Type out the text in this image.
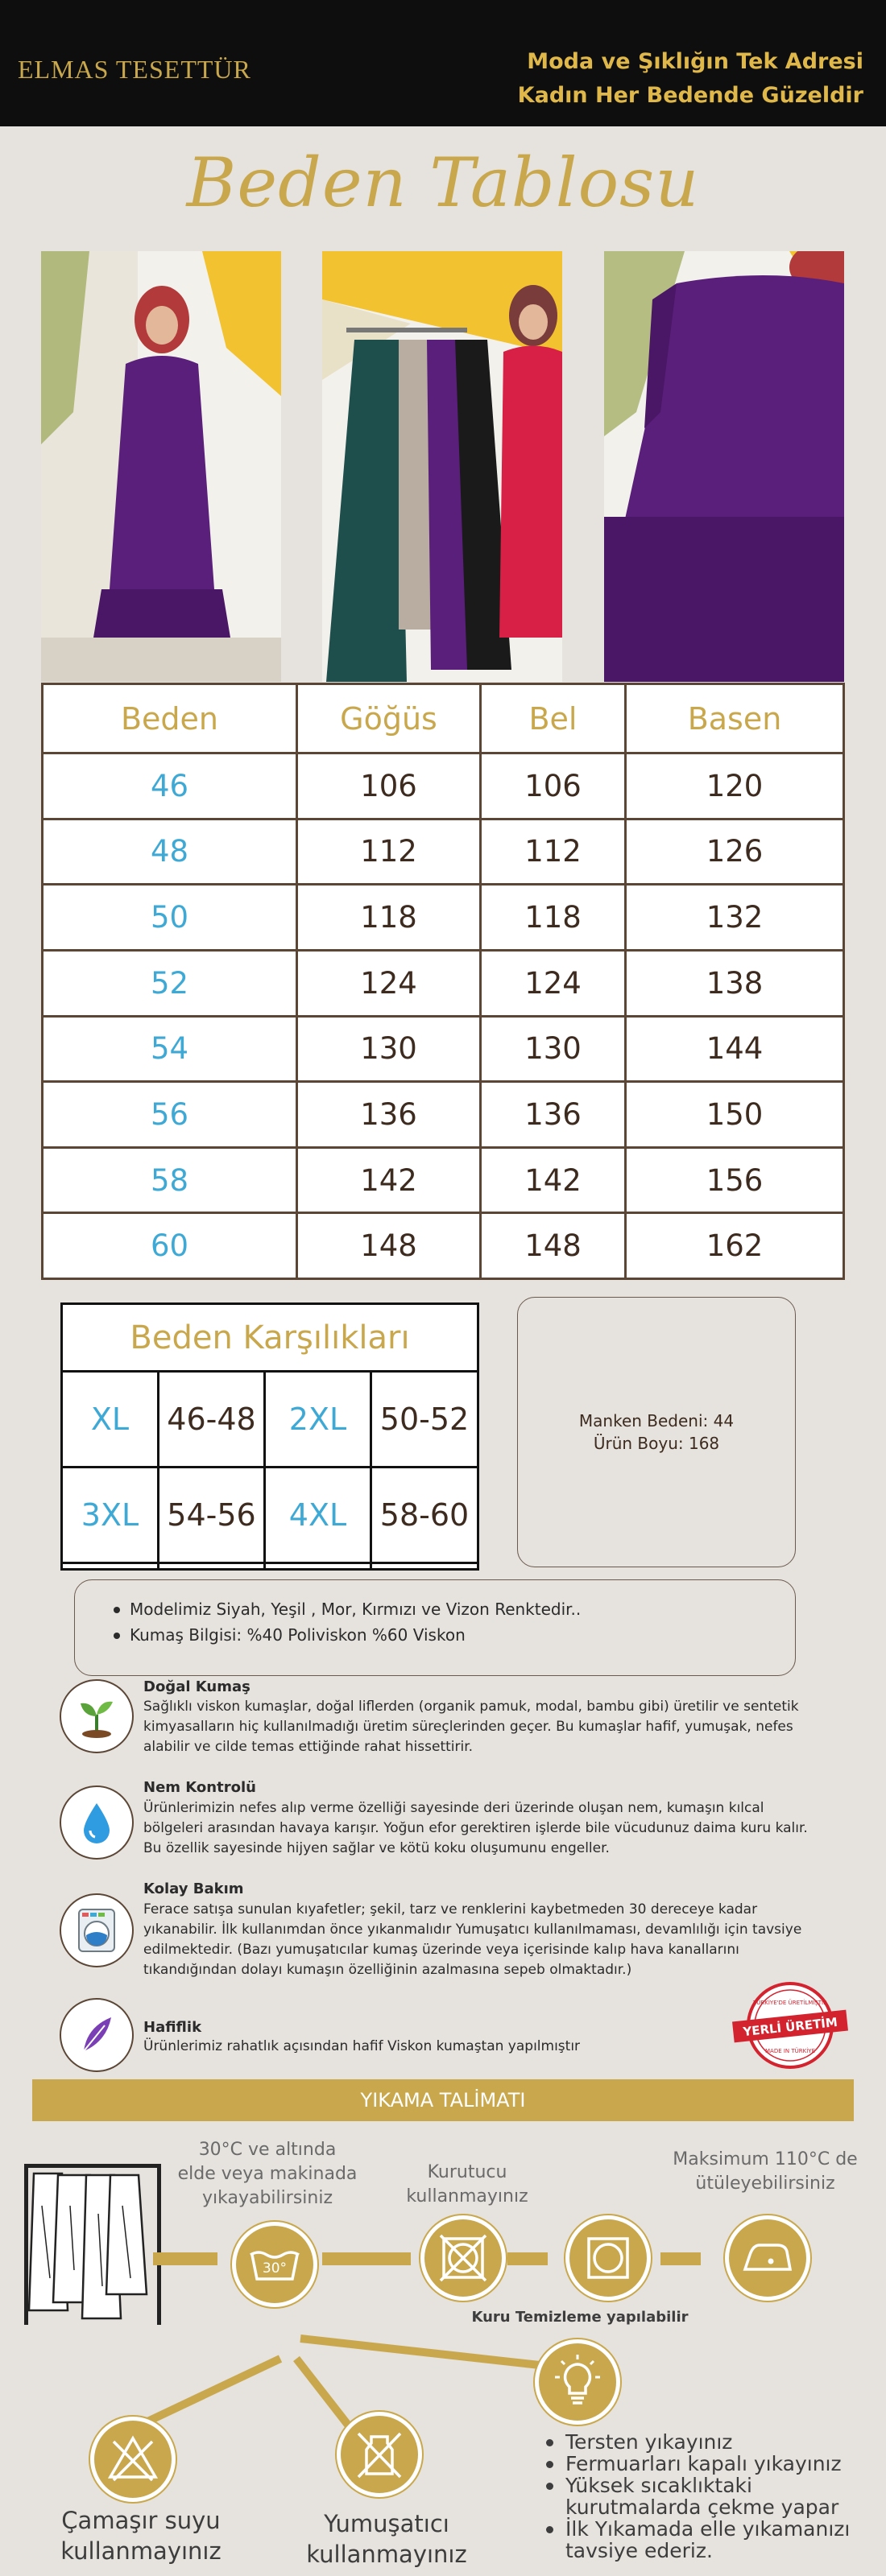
ELMAS TESETTÜR	Moda ve Şıklığın Tek Adresi
Kadın Her Bedende Güzeldir
Beden Tablosu
Beden	Göğüs	Bel	Basen
46	106	106	120
48	112	112	126
50	118	118	132
52	124	124	138
54	130	130	144
56	136	136	150
58	142	142	156
60	148	148	162
Beden Karşılıkları			
XL	46-48	2XL	50-52
3XL	54-56	4XL	58-60

Manken Bedeni: 44
Ürün Boyu: 168
Modelimiz Siyah, Yeşil , Mor, Kırmızı ve Vizon Renktedir..
Kumaş Bilgisi: %40 Poliviskon %60 Viskon
Doğal Kumaş
Sağlıklı viskon kumaşlar, doğal liflerden (organik pamuk, modal, bambu gibi) üretilir ve sentetik kimyasalların hiç kullanılmadığı üretim süreçlerinden geçer. Bu kumaşlar hafif, yumuşak, nefes alabilir ve cilde temas ettiğinde rahat hissettirir.
Nem Kontrolü
Ürünlerimizin nefes alıp verme özelliği sayesinde deri üzerinde oluşan nem, kumaşın kılcal bölgeleri arasından havaya karışır. Yoğun efor gerektiren işlerde bile vücudunuz daima kuru kalır. Bu özellik sayesinde hijyen sağlar ve kötü koku oluşumunu engeller.
Kolay Bakım
Ferace satışa sunulan kıyafetler; şekil, tarz ve renklerini kaybetmeden 30 dereceye kadar yıkanabilir. İlk kullanımdan önce yıkanmalıdır Yumuşatıcı kullanılmaması, devamlılığı için tavsiye edilmektedir. (Bazı yumuşatıcılar kumaş üzerinde veya içerisinde kalıp hava kanallarını tıkandığından dolayı kumaşın özelliğinin azalmasına sepeb olmaktadır.)
Hafiflik
Ürünlerimiz rahatlık açısından hafif Viskon kumaştan yapılmıştır
TÜRKİYE'DE ÜRETİLMİŞTİR
YERLİ ÜRETİM
MADE IN TÜRKİYE
YIKAMA TALİMATI
30°C ve altında
elde veya makinada
yıkayabilirsiniz
30°
Kurutucu
kullanmayınız
Kuru Temizleme yapılabilir
Maksimum 110°C de
ütüleyebilirsiniz
Çamaşır suyu
kullanmayınız
Yumuşatıcı
kullanmayınız
Tersten yıkayınız
Fermuarları kapalı yıkayınız
Yüksek sıcaklıktaki kurutmalarda çekme yapar
İlk Yıkamada elle yıkamanızı tavsiye ederiz.
